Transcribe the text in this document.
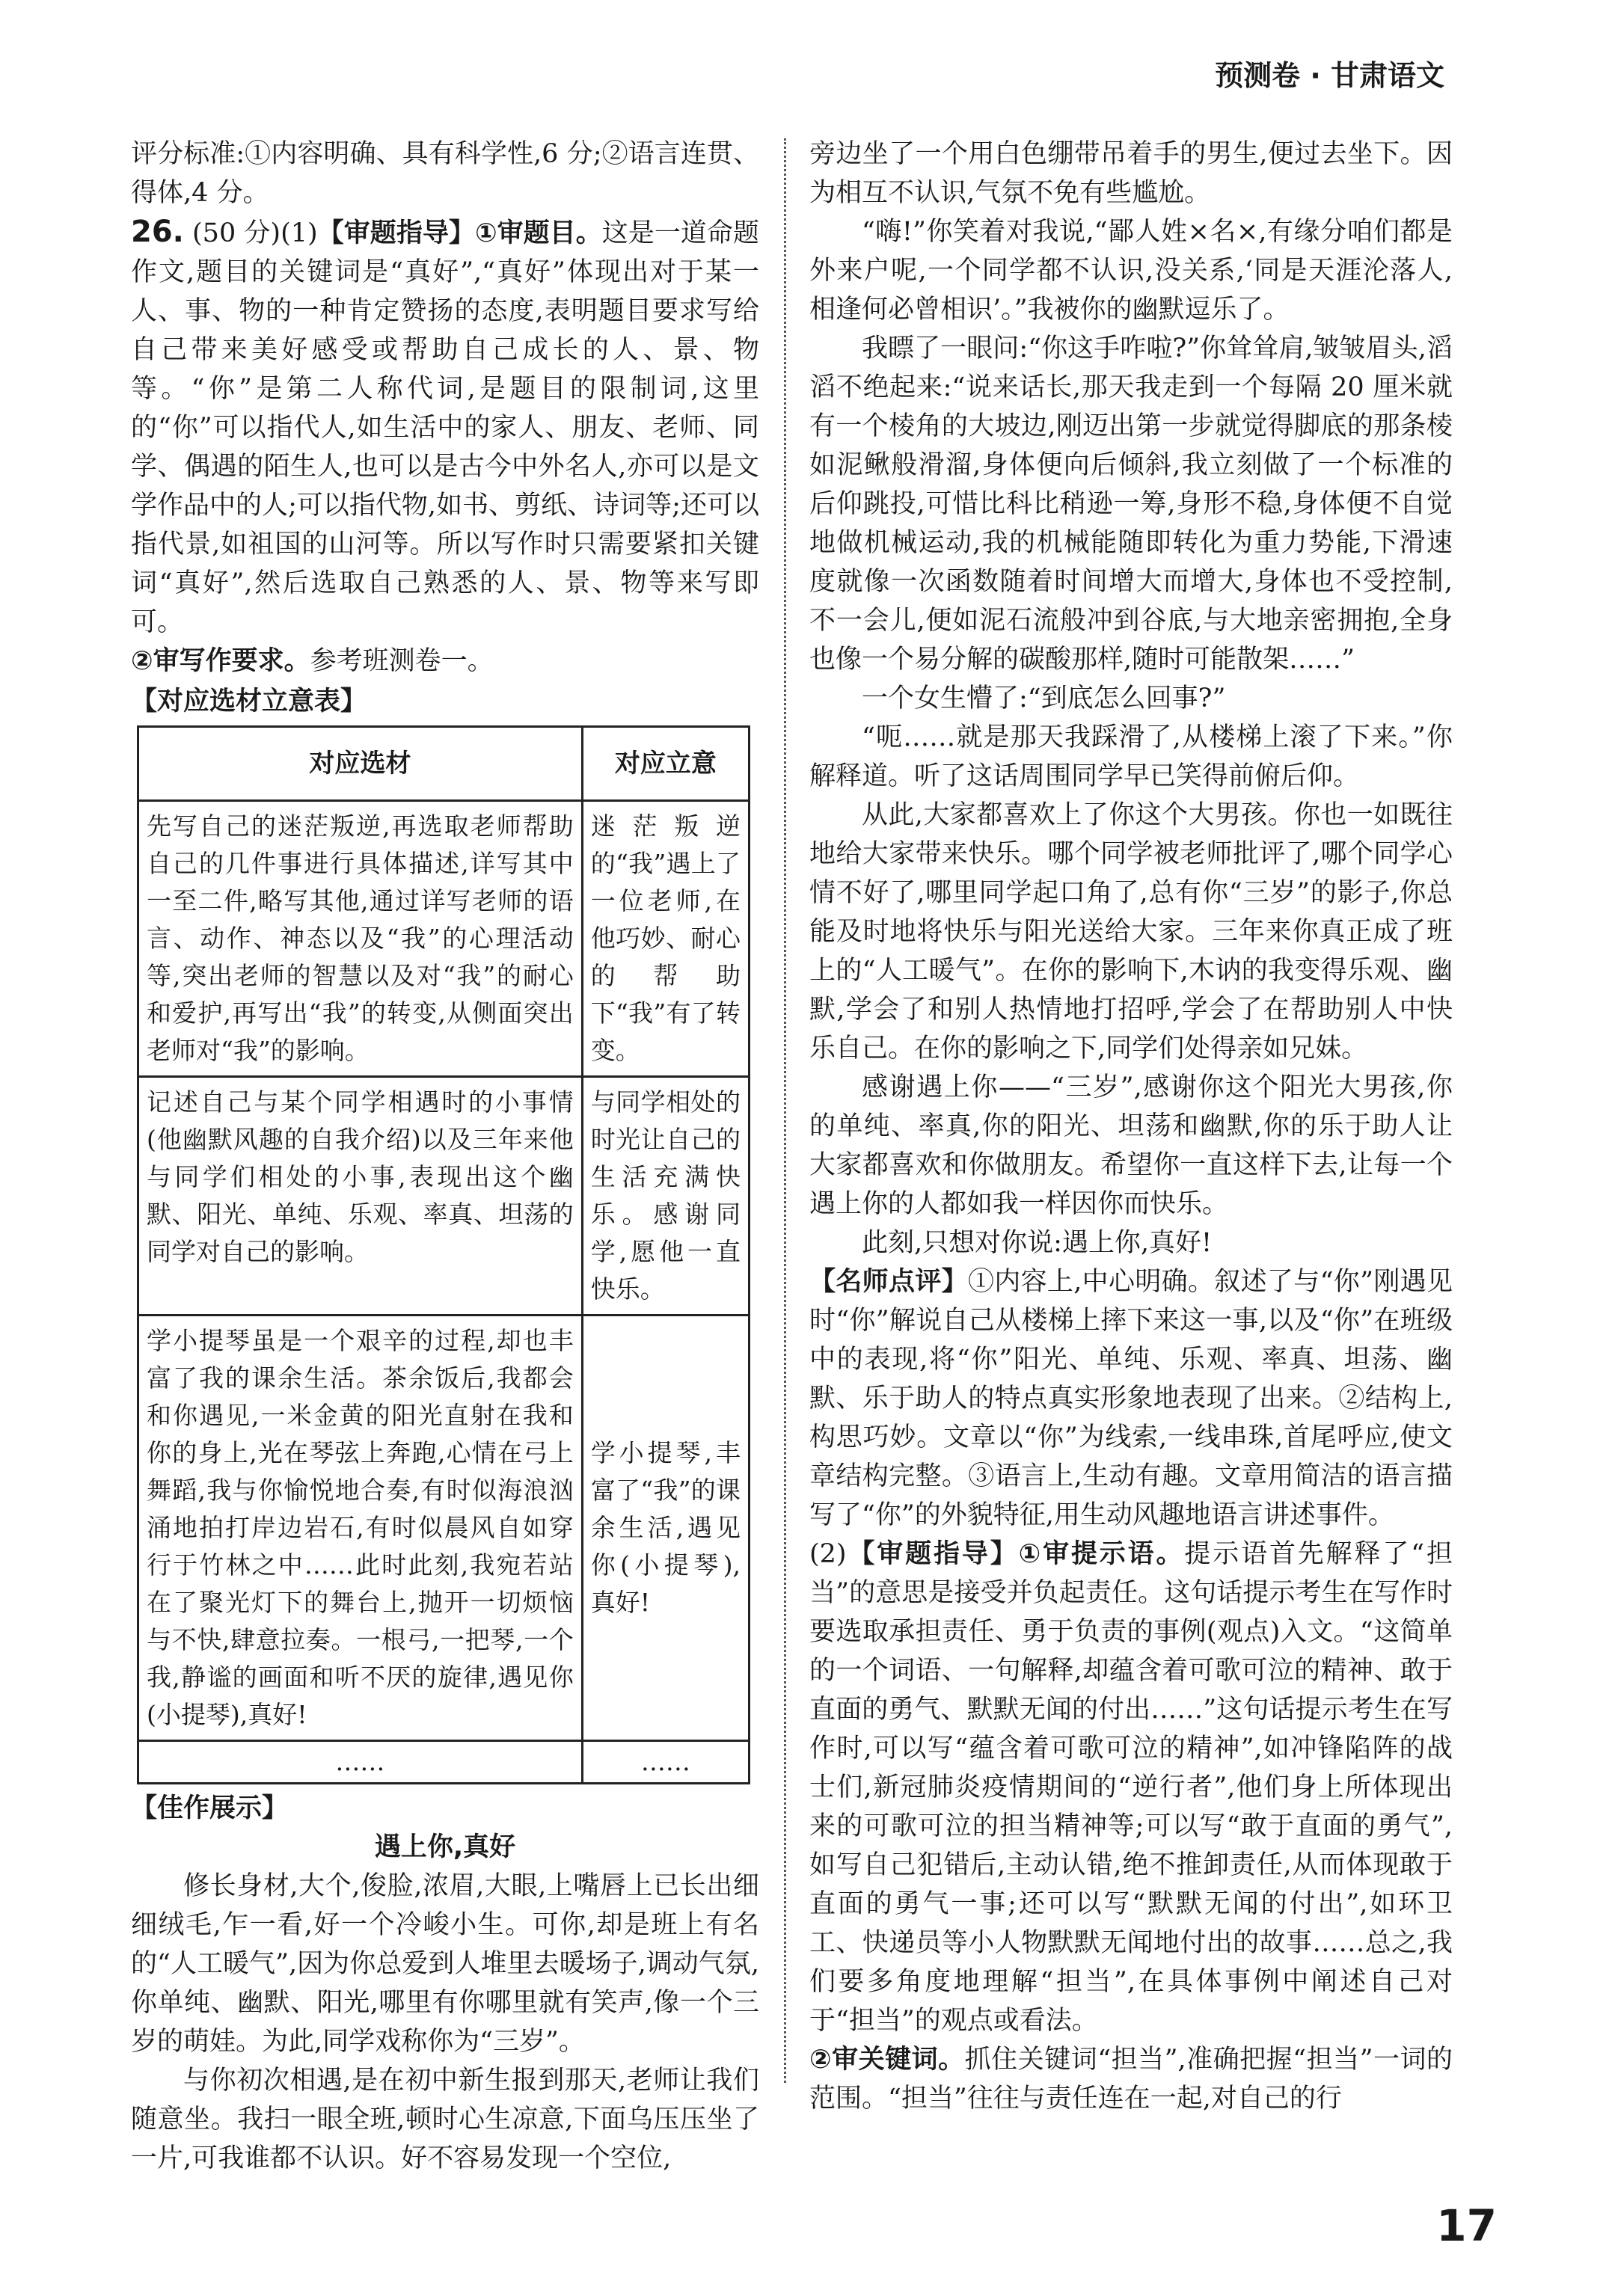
预测卷 · 甘肃语文

评分标准:①内容明确、具有科学性,6 分;②语言连贯、得体,4 分。

26. (50 分)(1)【审题指导】①审题目。这是一道命题作文,题目的关键词是“真好”,“真好”体现出对于某一人、事、物的一种肯定赞扬的态度,表明题目要求写给自己带来美好感受或帮助自己成长的人、景、物等。“你”是第二人称代词,是题目的限制词,这里的“你”可以指代人,如生活中的家人、朋友、老师、同学、偶遇的陌生人,也可以是古今中外名人,亦可以是文学作品中的人;可以指代物,如书、剪纸、诗词等;还可以指代景,如祖国的山河等。所以写作时只需要紧扣关键词“真好”,然后选取自己熟悉的人、景、物等来写即可。

②审写作要求。参考班测卷一。

【对应选材立意表】

对应选材	对应立意
先写自己的迷茫叛逆,再选取老师帮助自己的几件事进行具体描述,详写其中一至二件,略写其他,通过详写老师的语言、动作、神态以及“我”的心理活动等,突出老师的智慧以及对“我”的耐心和爱护,再写出“我”的转变,从侧面突出老师对“我”的影响。	迷茫叛逆的“我”遇上了一位老师,在他巧妙、耐心的帮助下“我”有了转变。
记述自己与某个同学相遇时的小事情(他幽默风趣的自我介绍)以及三年来他与同学们相处的小事,表现出这个幽默、阳光、单纯、乐观、率真、坦荡的同学对自己的影响。	与同学相处的时光让自己的生活充满快乐。感谢同学,愿他一直快乐。
学小提琴虽是一个艰辛的过程,却也丰富了我的课余生活。茶余饭后,我都会和你遇见,一米金黄的阳光直射在我和你的身上,光在琴弦上奔跑,心情在弓上舞蹈,我与你愉悦地合奏,有时似海浪汹涌地拍打岸边岩石,有时似晨风自如穿行于竹林之中……此时此刻,我宛若站在了聚光灯下的舞台上,抛开一切烦恼与不快,肆意拉奏。一根弓,一把琴,一个我,静谧的画面和听不厌的旋律,遇见你(小提琴),真好!	学小提琴,丰富了“我”的课余生活,遇见你(小提琴),真好!
……	……

【佳作展示】

遇上你,真好

修长身材,大个,俊脸,浓眉,大眼,上嘴唇上已长出细细绒毛,乍一看,好一个冷峻小生。可你,却是班上有名的“人工暖气”,因为你总爱到人堆里去暖场子,调动气氛,你单纯、幽默、阳光,哪里有你哪里就有笑声,像一个三岁的萌娃。为此,同学戏称你为“三岁”。

与你初次相遇,是在初中新生报到那天,老师让我们随意坐。我扫一眼全班,顿时心生凉意,下面乌压压坐了一片,可我谁都不认识。好不容易发现一个空位,

旁边坐了一个用白色绷带吊着手的男生,便过去坐下。因为相互不认识,气氛不免有些尴尬。

“嗨!”你笑着对我说,“鄙人姓×名×,有缘分咱们都是外来户呢,一个同学都不认识,没关系,‘同是天涯沦落人,相逢何必曾相识’。”我被你的幽默逗乐了。

我瞟了一眼问:“你这手咋啦?”你耸耸肩,皱皱眉头,滔滔不绝起来:“说来话长,那天我走到一个每隔 20 厘米就有一个棱角的大坡边,刚迈出第一步就觉得脚底的那条棱如泥鳅般滑溜,身体便向后倾斜,我立刻做了一个标准的后仰跳投,可惜比科比稍逊一筹,身形不稳,身体便不自觉地做机械运动,我的机械能随即转化为重力势能,下滑速度就像一次函数随着时间增大而增大,身体也不受控制,不一会儿,便如泥石流般冲到谷底,与大地亲密拥抱,全身也像一个易分解的碳酸那样,随时可能散架……”

一个女生懵了:“到底怎么回事?”

“呃……就是那天我踩滑了,从楼梯上滚了下来。”你解释道。听了这话周围同学早已笑得前俯后仰。

从此,大家都喜欢上了你这个大男孩。你也一如既往地给大家带来快乐。哪个同学被老师批评了,哪个同学心情不好了,哪里同学起口角了,总有你“三岁”的影子,你总能及时地将快乐与阳光送给大家。三年来你真正成了班上的“人工暖气”。在你的影响下,木讷的我变得乐观、幽默,学会了和别人热情地打招呼,学会了在帮助别人中快乐自己。在你的影响之下,同学们处得亲如兄妹。

感谢遇上你——“三岁”,感谢你这个阳光大男孩,你的单纯、率真,你的阳光、坦荡和幽默,你的乐于助人让大家都喜欢和你做朋友。希望你一直这样下去,让每一个遇上你的人都如我一样因你而快乐。

此刻,只想对你说:遇上你,真好!

【名师点评】①内容上,中心明确。叙述了与“你”刚遇见时“你”解说自己从楼梯上摔下来这一事,以及“你”在班级中的表现,将“你”阳光、单纯、乐观、率真、坦荡、幽默、乐于助人的特点真实形象地表现了出来。②结构上,构思巧妙。文章以“你”为线索,一线串珠,首尾呼应,使文章结构完整。③语言上,生动有趣。文章用简洁的语言描写了“你”的外貌特征,用生动风趣地语言讲述事件。

(2)【审题指导】①审提示语。提示语首先解释了“担当”的意思是接受并负起责任。这句话提示考生在写作时要选取承担责任、勇于负责的事例(观点)入文。“这简单的一个词语、一句解释,却蕴含着可歌可泣的精神、敢于直面的勇气、默默无闻的付出……”这句话提示考生在写作时,可以写“蕴含着可歌可泣的精神”,如冲锋陷阵的战士们,新冠肺炎疫情期间的“逆行者”,他们身上所体现出来的可歌可泣的担当精神等;可以写“敢于直面的勇气”,如写自己犯错后,主动认错,绝不推卸责任,从而体现敢于直面的勇气一事;还可以写“默默无闻的付出”,如环卫工、快递员等小人物默默无闻地付出的故事……总之,我们要多角度地理解“担当”,在具体事例中阐述自己对于“担当”的观点或看法。

②审关键词。抓住关键词“担当”,准确把握“担当”一词的范围。“担当”往往与责任连在一起,对自己的行

17
